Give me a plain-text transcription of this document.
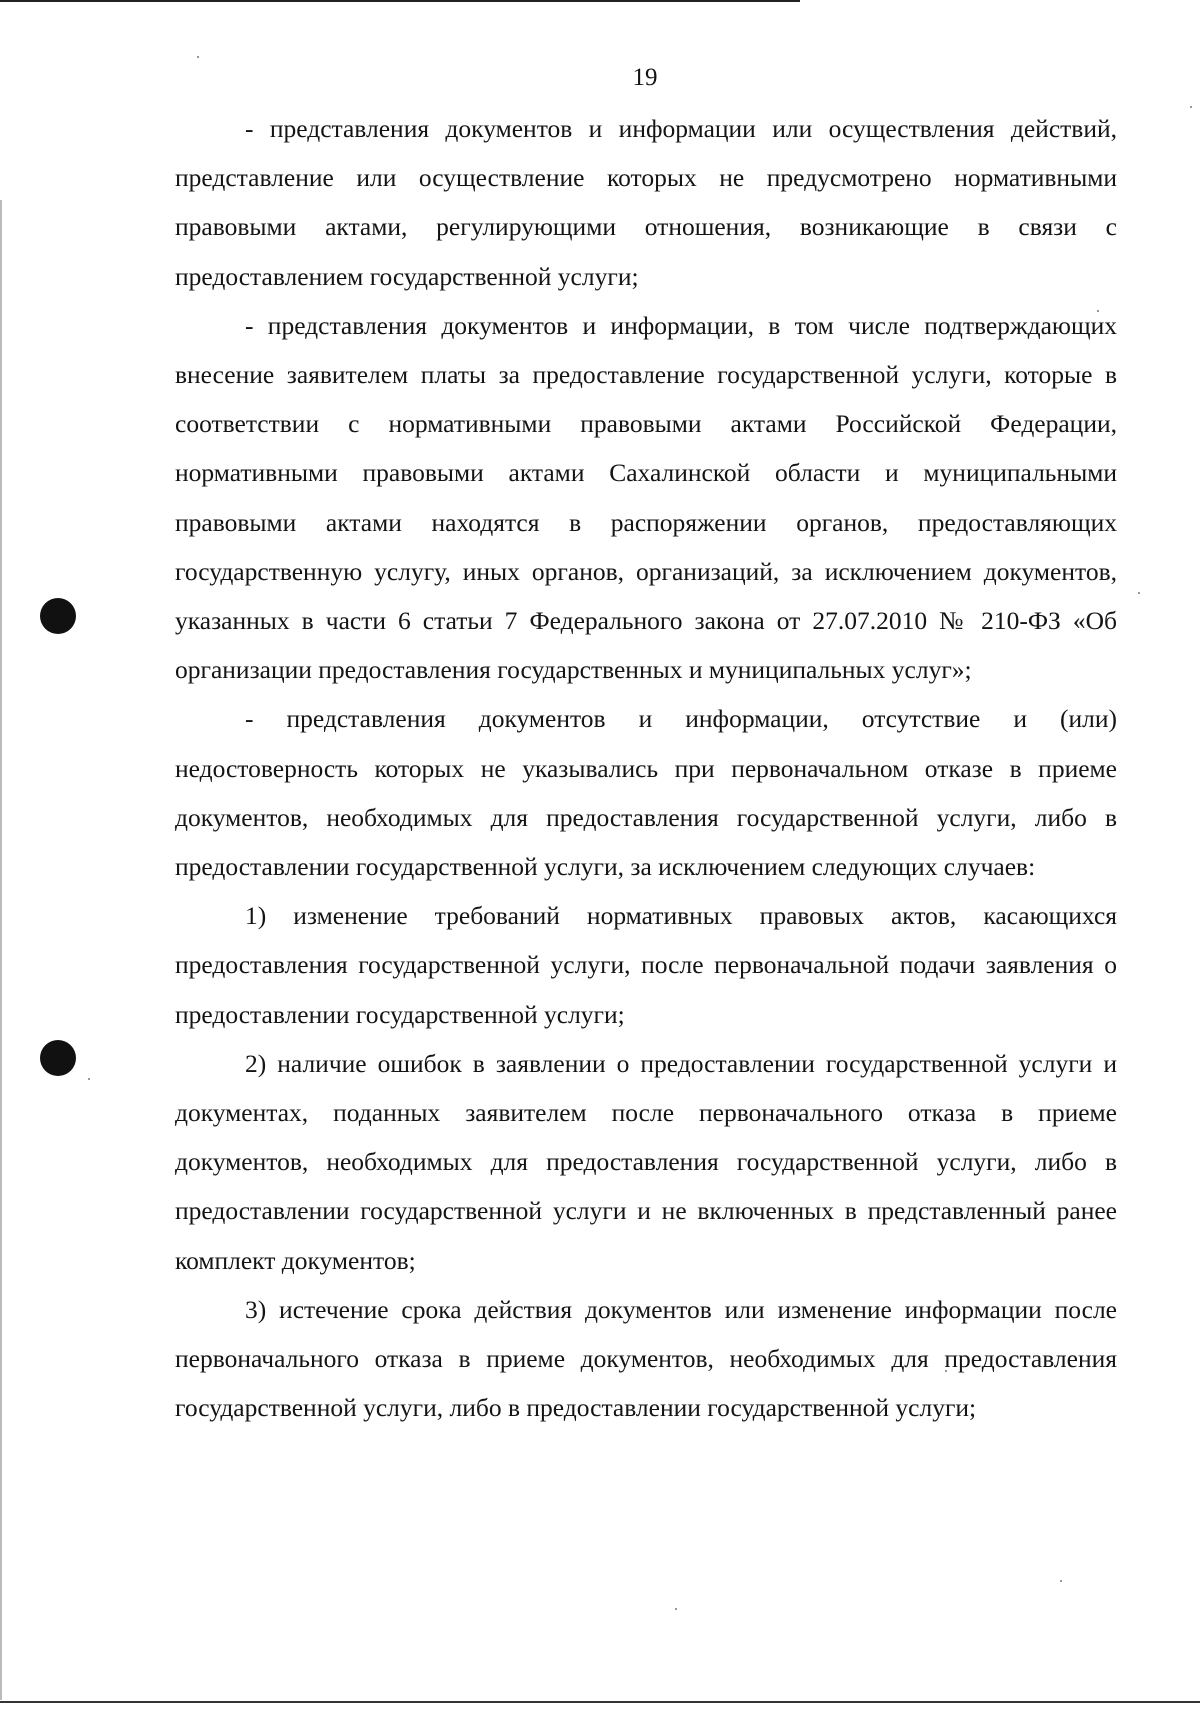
19

- представления документов и информации или осуществления действий, представление или осуществление которых не предусмотрено нормативными правовыми актами, регулирующими отношения, возникающие в связи с предоставлением государственной услуги;

- представления документов и информации, в том числе подтверждающих внесение заявителем платы за предоставление государственной услуги, которые в соответствии с нормативными правовыми актами Российской Федерации, нормативными правовыми актами Сахалинской области и муниципальными правовыми актами находятся в распоряжении органов, предоставляющих государственную услугу, иных органов, организаций, за исключением документов, указанных в части 6 статьи 7 Федерального закона от 27.07.2010 № 210-ФЗ «Об организации предоставления государственных и муниципальных услуг»;

- представления документов и информации, отсутствие и (или) недостоверность которых не указывались при первоначальном отказе в приеме документов, необходимых для предоставления государственной услуги, либо в предоставлении государственной услуги, за исключением следующих случаев:

1) изменение требований нормативных правовых актов, касающихся предоставления государственной услуги, после первоначальной подачи заявления о предоставлении государственной услуги;

2) наличие ошибок в заявлении о предоставлении государственной услуги и документах, поданных заявителем после первоначального отказа в приеме документов, необходимых для предоставления государственной услуги, либо в предоставлении государственной услуги и не включенных в представленный ранее комплект документов;

3) истечение срока действия документов или изменение информации после первоначального отказа в приеме документов, необходимых для предоставления государственной услуги, либо в предоставлении государственной услуги;
